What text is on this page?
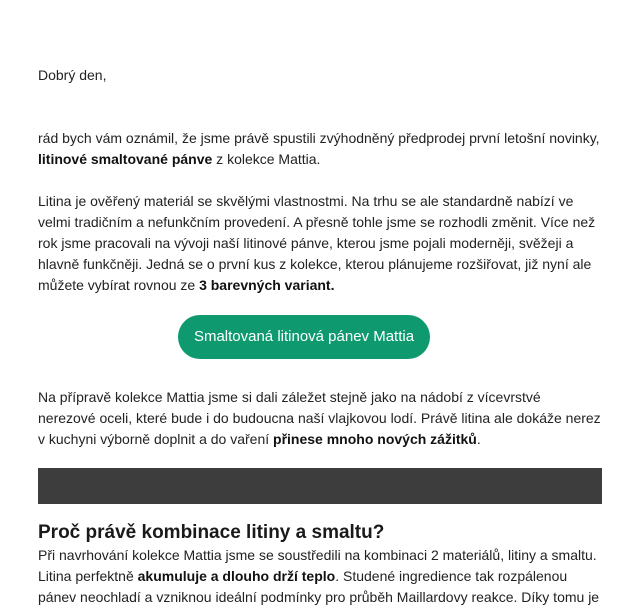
Dobrý den,

rád bych vám oznámil, že jsme právě spustili zvýhodněný předprodej první letošní novinky, litinové smaltované pánve z kolekce Mattia.

Litina je ověřený materiál se skvělými vlastnostmi. Na trhu se ale standardně nabízí ve velmi tradičním a nefunkčním provedení. A přesně tohle jsme se rozhodli změnit. Více než rok jsme pracovali na vývoji naší litinové pánve, kterou jsme pojali moderněji, svěžeji a hlavně funkčněji. Jedná se o první kus z kolekce, kterou plánujeme rozšiřovat, již nyní ale můžete vybírat rovnou ze 3 barevných variant.

Smaltovaná litinová pánev Mattia

Na přípravě kolekce Mattia jsme si dali záležet stejně jako na nádobí z vícevrstvé nerezové oceli, které bude i do budoucna naší vlajkovou lodí. Právě litina ale dokáže nerez v kuchyni výborně doplnit a do vaření přinese mnoho nových zážitků.

Proč právě kombinace litiny a smaltu?

Při navrhování kolekce Mattia jsme se soustředili na kombinaci 2 materiálů, litiny a smaltu. Litina perfektně akumuluje a dlouho drží teplo. Studené ingredience tak rozpálenou pánev neochladí a vzniknou ideální podmínky pro průběh Maillardovy reakce. Díky tomu je
